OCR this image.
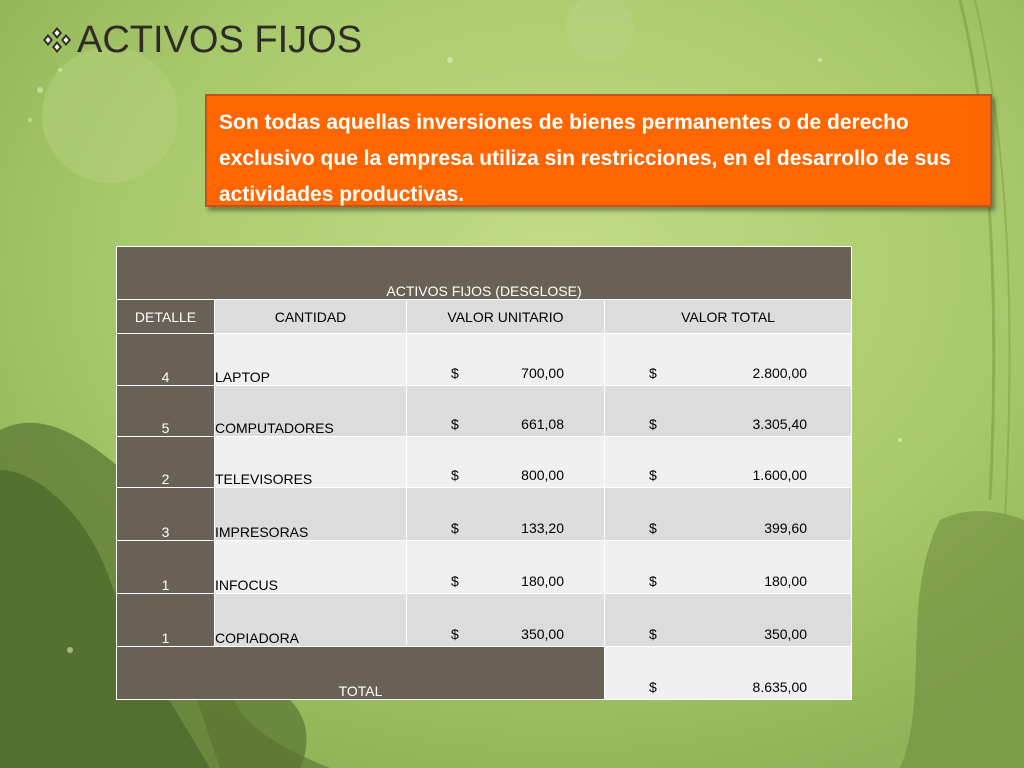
ACTIVOS FIJOS
Son todas aquellas inversiones de bienes permanentes o de derecho exclusivo que la empresa utiliza sin restricciones, en el desarrollo de sus actividades productivas.
ACTIVOS FIJOS (DESGLOSE)			
DETALLE	CANTIDAD	VALOR UNITARIO	VALOR TOTAL
4	LAPTOP	$ 700,00	$ 2.800,00

5	COMPUTADORES	$ 661,08	$ 3.305,40

2	TELEVISORES	$ 800,00	$ 1.600,00

3	IMPRESORAS	$ 133,20	$ 399,60

1	INFOCUS	$ 180,00	$ 180,00

1	COPIADORA	$ 350,00	$ 350,00

TOTAL			$ 8.635,00
